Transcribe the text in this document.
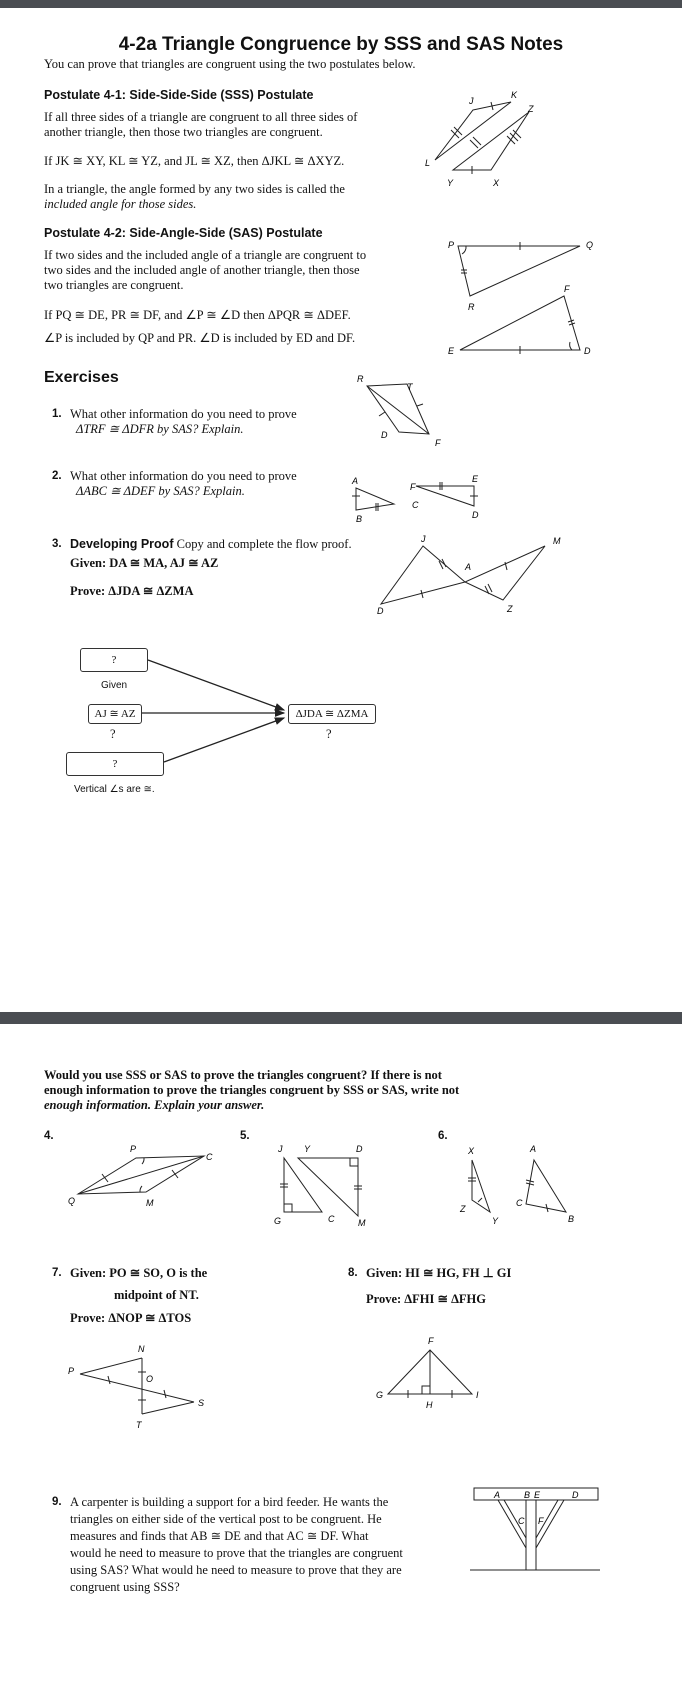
4-2a Triangle Congruence by SSS and SAS Notes
You can prove that triangles are congruent using the two postulates below.
Postulate 4-1: Side-Side-Side (SSS) Postulate
If all three sides of a triangle are congruent to all three sides of
another triangle, then those two triangles are congruent.
If JK ≅ XY, KL ≅ YZ, and JL ≅ XZ, then ΔJKL ≅ ΔXYZ.
In a triangle, the angle formed by any two sides is called the
included angle for those sides.
J
K
Z
L
Y	X
Postulate 4-2: Side-Angle-Side (SAS) Postulate
If two sides and the included angle of a triangle are congruent to
two sides and the included angle of another triangle, then those
two triangles are congruent.
If PQ ≅ DE, PR ≅ DF, and ∠P ≅ ∠D then ΔPQR ≅ ΔDEF.
∠P is included by QP and PR. ∠D is included by ED and DF.
P	Q
R
F
E	D
Exercises
1. What other information do you need to prove
ΔTRF ≅ ΔDFR by SAS? Explain.
R
T
D
F
2. What other information do you need to prove
ΔABC ≅ ΔDEF by SAS? Explain.
A
B
C
E
F
D
3. Developing Proof Copy and complete the flow proof.
Given: DA ≅ MA, AJ ≅ AZ
Prove: ΔJDA ≅ ΔZMA
J	M
A
D	Z
?
Given
AJ ≅ AZ
?
?
Vertical ∠s are ≅.
ΔJDA ≅ ΔZMA
?
Would you use SSS or SAS to prove the triangles congruent? If there is not
enough information to prove the triangles congruent by SSS or SAS, write not
enough information. Explain your answer.
4.
P
C
Q	M
5.
J Y	D
G	C	M
6.
X	A
Z
Y
C
B
7. Given: PO ≅ SO, O is the
midpoint of NT.
Prove: ΔNOP ≅ ΔTOS
N
P
O
S
T
8. Given: HI ≅ HG, FH ⊥ GI
Prove: ΔFHI ≅ ΔFHG
F
G
H
I
9. A carpenter is building a support for a bird feeder. He wants the
triangles on either side of the vertical post to be congruent. He
measures and finds that AB ≅ DE and that AC ≅ DF. What
would he need to measure to prove that the triangles are congruent
using SAS? What would he need to measure to prove that they are
congruent using SSS?
A	B E	D
C F
